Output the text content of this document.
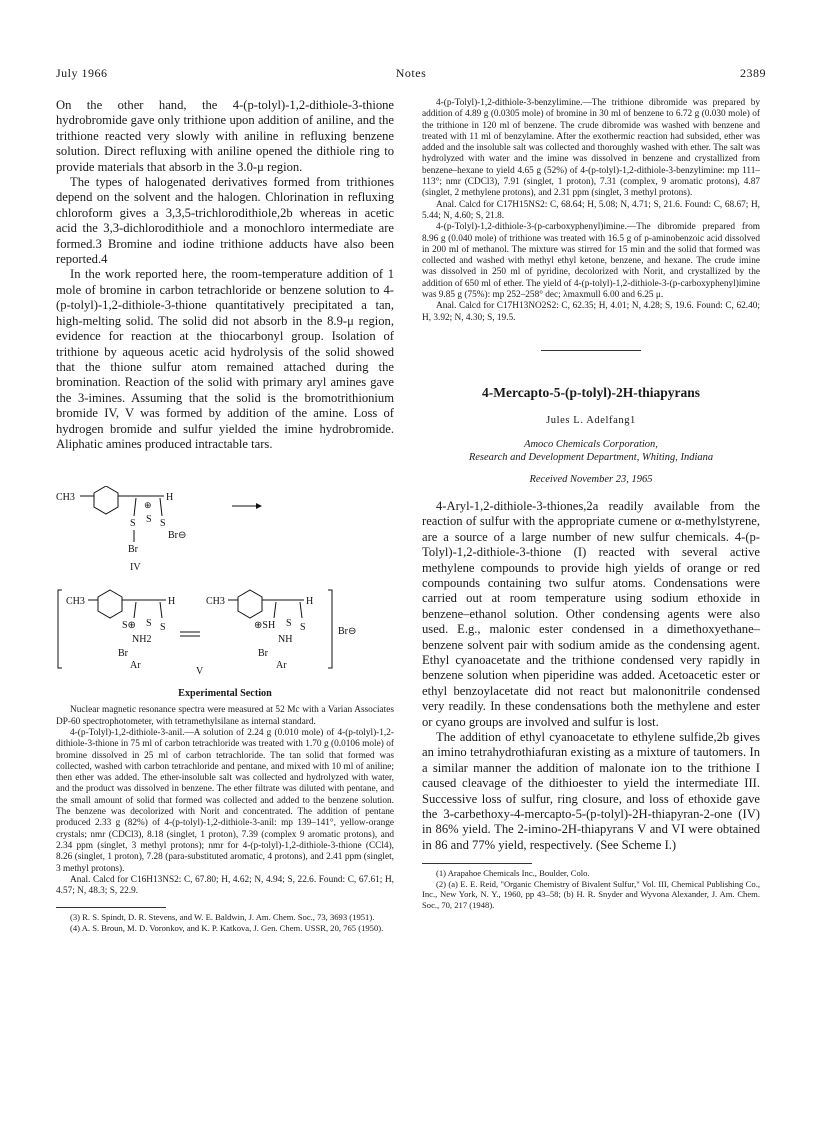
July 1966	Notes	2389

On the other hand, the 4-(p-tolyl)-1,2-dithiole-3-thione hydrobromide gave only trithione upon addition of aniline, and the trithione reacted very slowly with aniline in refluxing benzene solution. Direct refluxing with aniline opened the dithiole ring to provide materials that absorb in the 3.0-μ region.

The types of halogenated derivatives formed from trithiones depend on the solvent and the halogen. Chlorination in refluxing chloroform gives a 3,3,5-trichlorodithiole,2b whereas in acetic acid the 3,3-dichlorodithiole and a monochloro intermediate are formed.3 Bromine and iodine trithione adducts have also been reported.4

In the work reported here, the room-temperature addition of 1 mole of bromine in carbon tetrachloride or benzene solution to 4-(p-tolyl)-1,2-dithiole-3-thione quantitatively precipitated a tan, high-melting solid. The solid did not absorb in the 8.9-μ region, evidence for reaction at the thiocarbonyl group. Isolation of trithione by aqueous acetic acid hydrolysis of the solid showed that the thione sulfur atom remained attached during the bromination. Reaction of the solid with primary aryl amines gave the 3-imines. Assuming that the solid is the bromotrithionium bromide IV, V was formed by addition of the amine. Loss of hydrogen bromide and sulfur yielded the imine hydrobromide. Aliphatic amines produced intractable tars.

CH3	H
⊕
S S S
Br
Br⊖
IV
CH3	H
S⊕ S S
NH2
Br
Ar
CH3	H
⊕SH S S
NH
Br
Ar
Br⊖
V
Experimental Section

Nuclear magnetic resonance spectra were measured at 52 Mc with a Varian Associates DP-60 spectrophotometer, with tetramethylsilane as internal standard.

4-(p-Tolyl)-1,2-dithiole-3-anil.—A solution of 2.24 g (0.010 mole) of 4-(p-tolyl)-1,2-dithiole-3-thione in 75 ml of carbon tetrachloride was treated with 1.70 g (0.0106 mole) of bromine dissolved in 25 ml of carbon tetrachloride. The tan solid that formed was collected, washed with carbon tetrachloride and pentane, and mixed with 10 ml of aniline; then ether was added. The ether-insoluble salt was collected and hydrolyzed with water, and the product was dissolved in benzene. The ether filtrate was diluted with pentane, and the small amount of solid that formed was collected and added to the benzene solution. The benzene was decolorized with Norit and concentrated. The addition of pentane produced 2.33 g (82%) of 4-(p-tolyl)-1,2-dithiole-3-anil: mp 139–141°, yellow-orange crystals; nmr (CDCl3), 8.18 (singlet, 1 proton), 7.39 (complex 9 aromatic protons), and 2.34 ppm (singlet, 3 methyl protons); nmr for 4-(p-tolyl)-1,2-dithiole-3-thione (CCl4), 8.26 (singlet, 1 proton), 7.28 (para-substituted aromatic, 4 protons), and 2.41 ppm (singlet, 3 methyl protons).

Anal. Calcd for C16H13NS2: C, 67.80; H, 4.62; N, 4.94; S, 22.6. Found: C, 67.61; H, 4.57; N, 48.3; S, 22.9.

(3) R. S. Spindt, D. R. Stevens, and W. E. Baldwin, J. Am. Chem. Soc., 73, 3693 (1951).

(4) A. S. Broun, M. D. Voronkov, and K. P. Katkova, J. Gen. Chem. USSR, 20, 765 (1950).

4-(p-Tolyl)-1,2-dithiole-3-benzylimine.—The trithione dibromide was prepared by addition of 4.89 g (0.0305 mole) of bromine in 30 ml of benzene to 6.72 g (0.030 mole) of the trithione in 120 ml of benzene. The crude dibromide was washed with benzene and treated with 11 ml of benzylamine. After the exothermic reaction had subsided, ether was added and the insoluble salt was collected and thoroughly washed with ether. The salt was hydrolyzed with water and the imine was dissolved in benzene and crystallized from benzene–hexane to yield 4.65 g (52%) of 4-(p-tolyl)-1,2-dithiole-3-benzylimine: mp 111–113°; nmr (CDCl3), 7.91 (singlet, 1 proton), 7.31 (complex, 9 aromatic protons), 4.87 (singlet, 2 methylene protons), and 2.31 ppm (singlet, 3 methyl protons).

Anal. Calcd for C17H15NS2: C, 68.64; H, 5.08; N, 4.71; S, 21.6. Found: C, 68.67; H, 5.44; N, 4.60; S, 21.8.

4-(p-Tolyl)-1,2-dithiole-3-(p-carboxyphenyl)imine.—The dibromide prepared from 8.96 g (0.040 mole) of trithione was treated with 16.5 g of p-aminobenzoic acid dissolved in 200 ml of methanol. The mixture was stirred for 15 min and the solid that formed was collected and washed with methyl ethyl ketone, benzene, and hexane. The crude imine was dissolved in 250 ml of pyridine, decolorized with Norit, and crystallized by the addition of 650 ml of ether. The yield of 4-(p-tolyl)-1,2-dithiole-3-(p-carboxyphenyl)imine was 9.85 g (75%): mp 252–258° dec; λmaxmull 6.00 and 6.25 μ.

Anal. Calcd for C17H13NO2S2: C, 62.35; H, 4.01; N, 4.28; S, 19.6. Found: C, 62.40; H, 3.92; N, 4.30; S, 19.5.

4-Mercapto-5-(p-tolyl)-2H-thiapyrans
Jules L. Adelfang1
Amoco Chemicals Corporation,
Research and Development Department, Whiting, Indiana
Received November 23, 1965

4-Aryl-1,2-dithiole-3-thiones,2a readily available from the reaction of sulfur with the appropriate cumene or α-methylstyrene, are a source of a large number of new sulfur chemicals. 4-(p-Tolyl)-1,2-dithiole-3-thione (I) reacted with several active methylene compounds to provide high yields of orange or red compounds containing two sulfur atoms. Condensations were carried out at room temperature using sodium ethoxide in benzene–ethanol solution. Other condensing agents were also used. E.g., malonic ester condensed in a dimethoxyethane–benzene solvent pair with sodium amide as the condensing agent. Ethyl cyanoacetate and the trithione condensed very rapidly in benzene solution when piperidine was added. Acetoacetic ester or ethyl benzoylacetate did not react but malononitrile condensed very readily. In these condensations both the methylene and ester or cyano groups are involved and sulfur is lost.

The addition of ethyl cyanoacetate to ethylene sulfide,2b gives an imino tetrahydrothiafuran existing as a mixture of tautomers. In a similar manner the addition of malonate ion to the trithione I caused cleavage of the dithioester to yield the intermediate III. Successive loss of sulfur, ring closure, and loss of ethoxide gave the 3-carbethoxy-4-mercapto-5-(p-tolyl)-2H-thiapyran-2-one (IV) in 86% yield. The 2-imino-2H-thiapyrans V and VI were obtained in 86 and 77% yield, respectively. (See Scheme I.)

(1) Arapahoe Chemicals Inc., Boulder, Colo.

(2) (a) E. E. Reid, "Organic Chemistry of Bivalent Sulfur," Vol. III, Chemical Publishing Co., Inc., New York, N. Y., 1960, pp 43–58; (b) H. R. Snyder and Wyvona Alexander, J. Am. Chem. Soc., 70, 217 (1948).
